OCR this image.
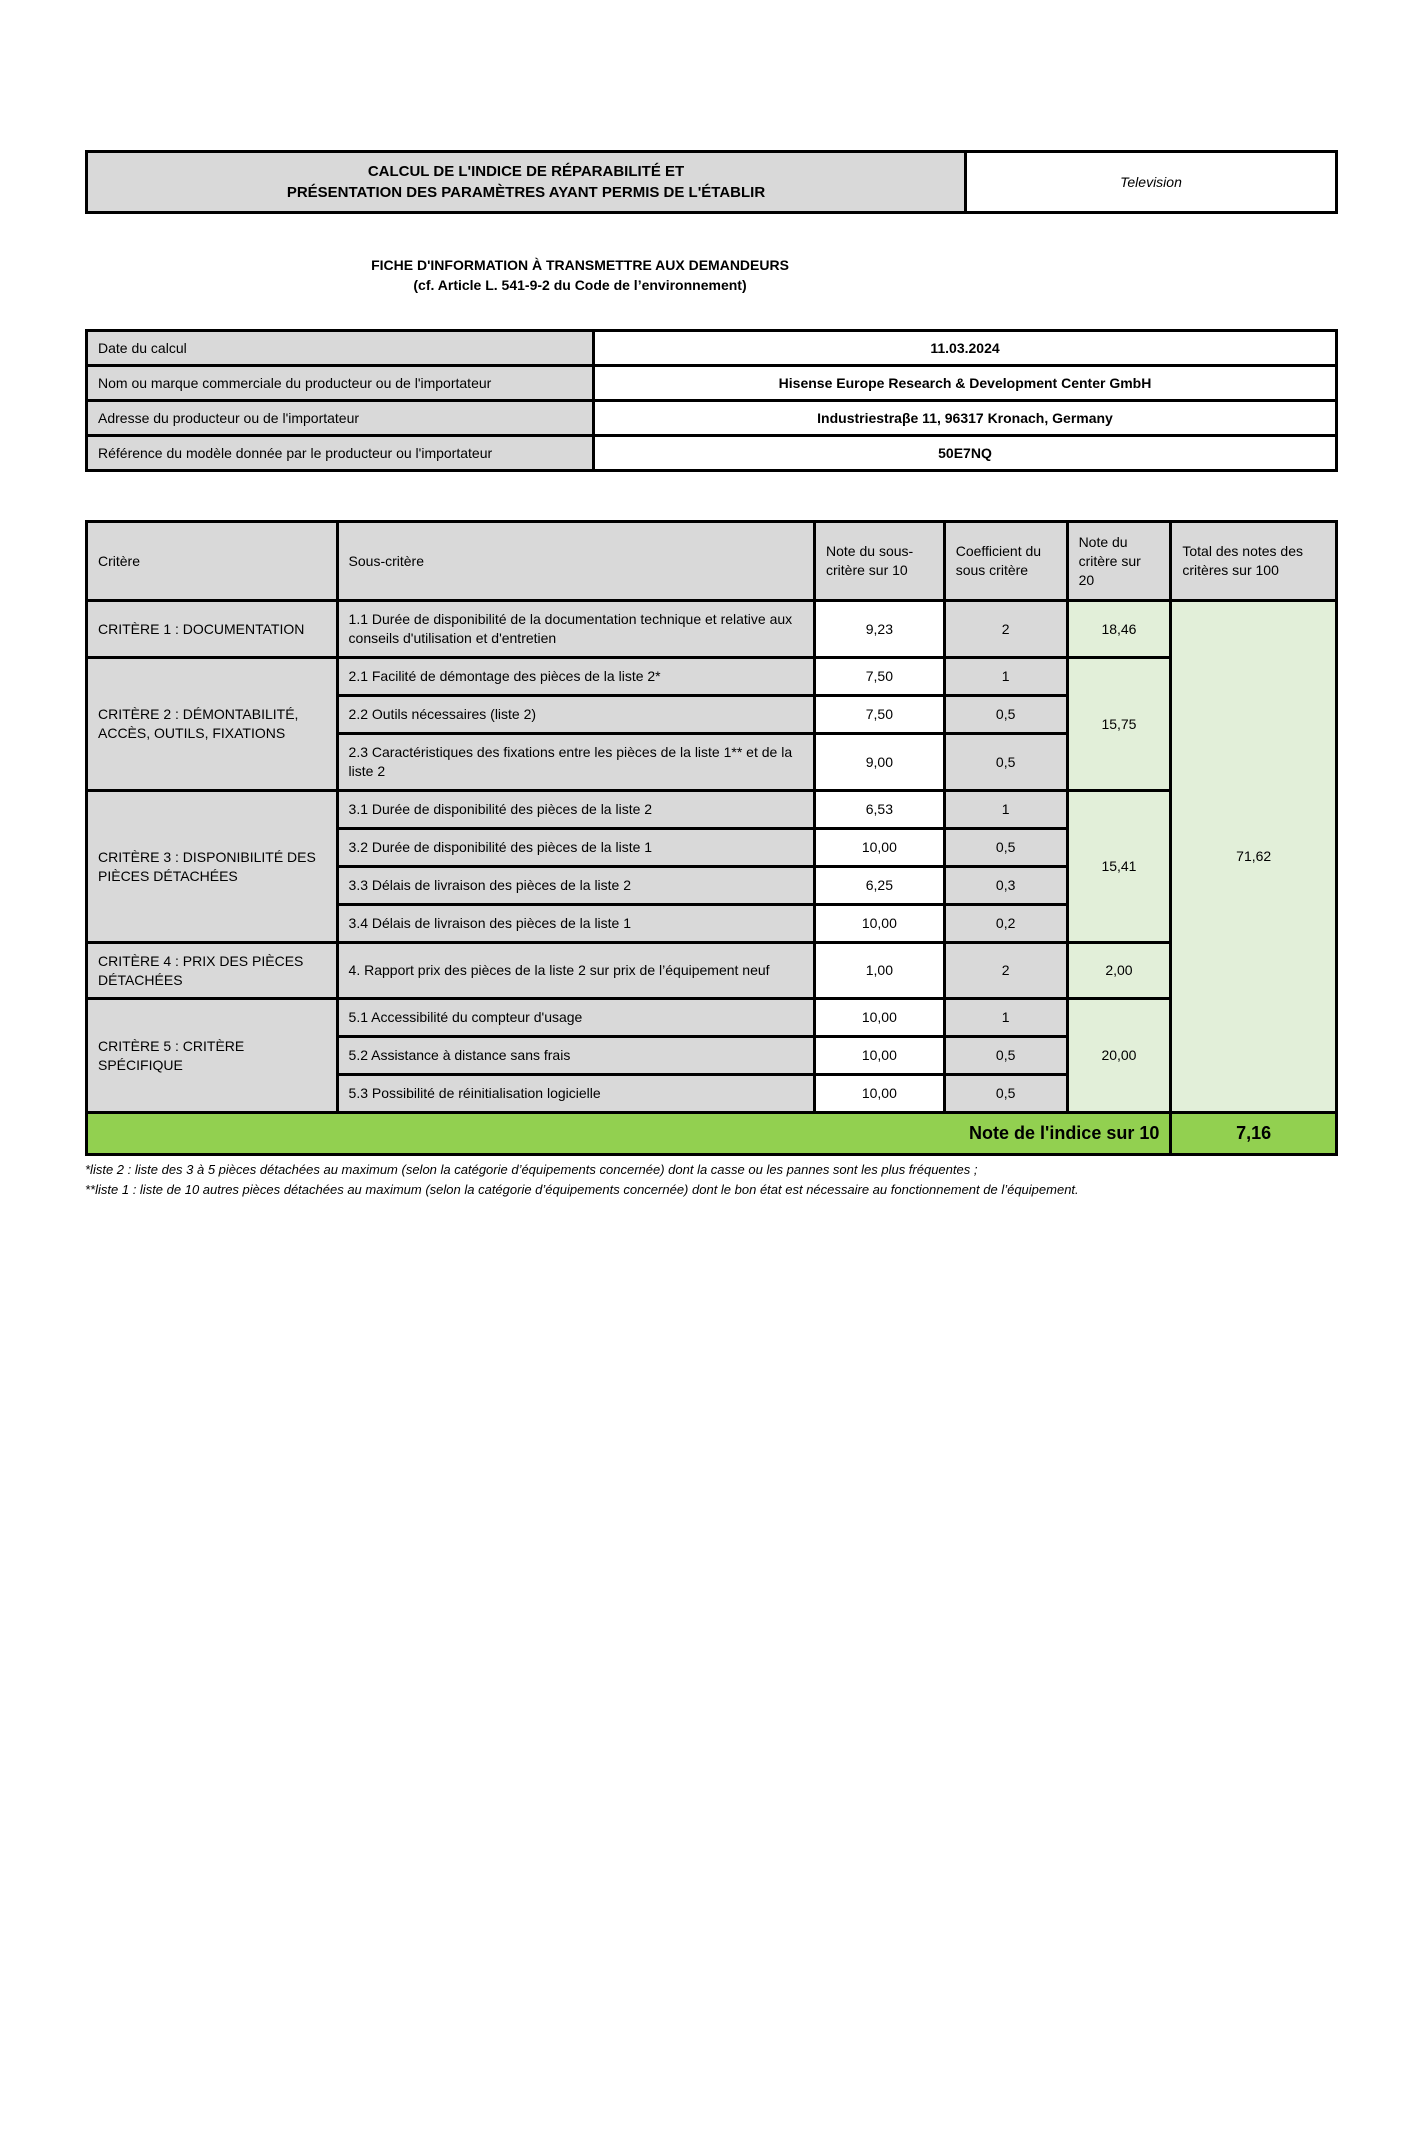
CALCUL DE L'INDICE DE RÉPARABILITÉ ET
PRÉSENTATION DES PARAMÈTRES AYANT PERMIS DE L'ÉTABLIR
	Television
FICHE D'INFORMATION À TRANSMETTRE AUX DEMANDEURS
(cf. Article L. 541-9-2 du Code de l’environnement)
Date du calcul	11.03.2024
Nom ou marque commerciale du producteur ou de l'importateur	Hisense Europe Research & Development Center GmbH
Adresse du producteur ou de l'importateur	Industriestraβe 11, 96317 Kronach, Germany
Référence du modèle donnée par le producteur ou l'importateur	50E7NQ
Critère	Sous-critère	Note du sous-critère sur 10	Coefficient du sous critère	Note du critère sur 20	Total des notes des critères sur 100
CRITÈRE 1 : DOCUMENTATION	1.1 Durée de disponibilité de la documentation technique et relative aux conseils d'utilisation et d'entretien	9,23	2	18,46	71,62
CRITÈRE 2 : DÉMONTABILITÉ, ACCÈS, OUTILS, FIXATIONS	2.1 Facilité de démontage des pièces de la liste 2*	7,50	1	15,75	
	2.2 Outils nécessaires (liste 2)	7,50	0,5		
	2.3 Caractéristiques des fixations entre les pièces de la liste 1** et de la liste 2	9,00	0,5		
CRITÈRE 3 : DISPONIBILITÉ DES PIÈCES DÉTACHÉES	3.1 Durée de disponibilité des pièces de la liste 2	6,53	1	15,41	
	3.2 Durée de disponibilité des pièces de la liste 1	10,00	0,5		
	3.3 Délais de livraison des pièces de la liste 2	6,25	0,3		
	3.4 Délais de livraison des pièces de la liste 1	10,00	0,2		
CRITÈRE 4 : PRIX DES PIÈCES DÉTACHÉES	4. Rapport prix des pièces de la liste 2 sur prix de l’équipement neuf	1,00	2	2,00	
CRITÈRE 5 : CRITÈRE SPÉCIFIQUE	5.1 Accessibilité du compteur d'usage	10,00	1	20,00	
	5.2 Assistance à distance sans frais	10,00	0,5		
	5.3 Possibilité de réinitialisation logicielle	10,00	0,5		
Note de l'indice sur 10					7,16
*liste 2 : liste des 3 à 5 pièces détachées au maximum (selon la catégorie d’équipements concernée) dont la casse ou les pannes sont les plus fréquentes ;
**liste 1 : liste de 10 autres pièces détachées au maximum (selon la catégorie d’équipements concernée) dont le bon état est nécessaire au fonctionnement de l’équipement.
